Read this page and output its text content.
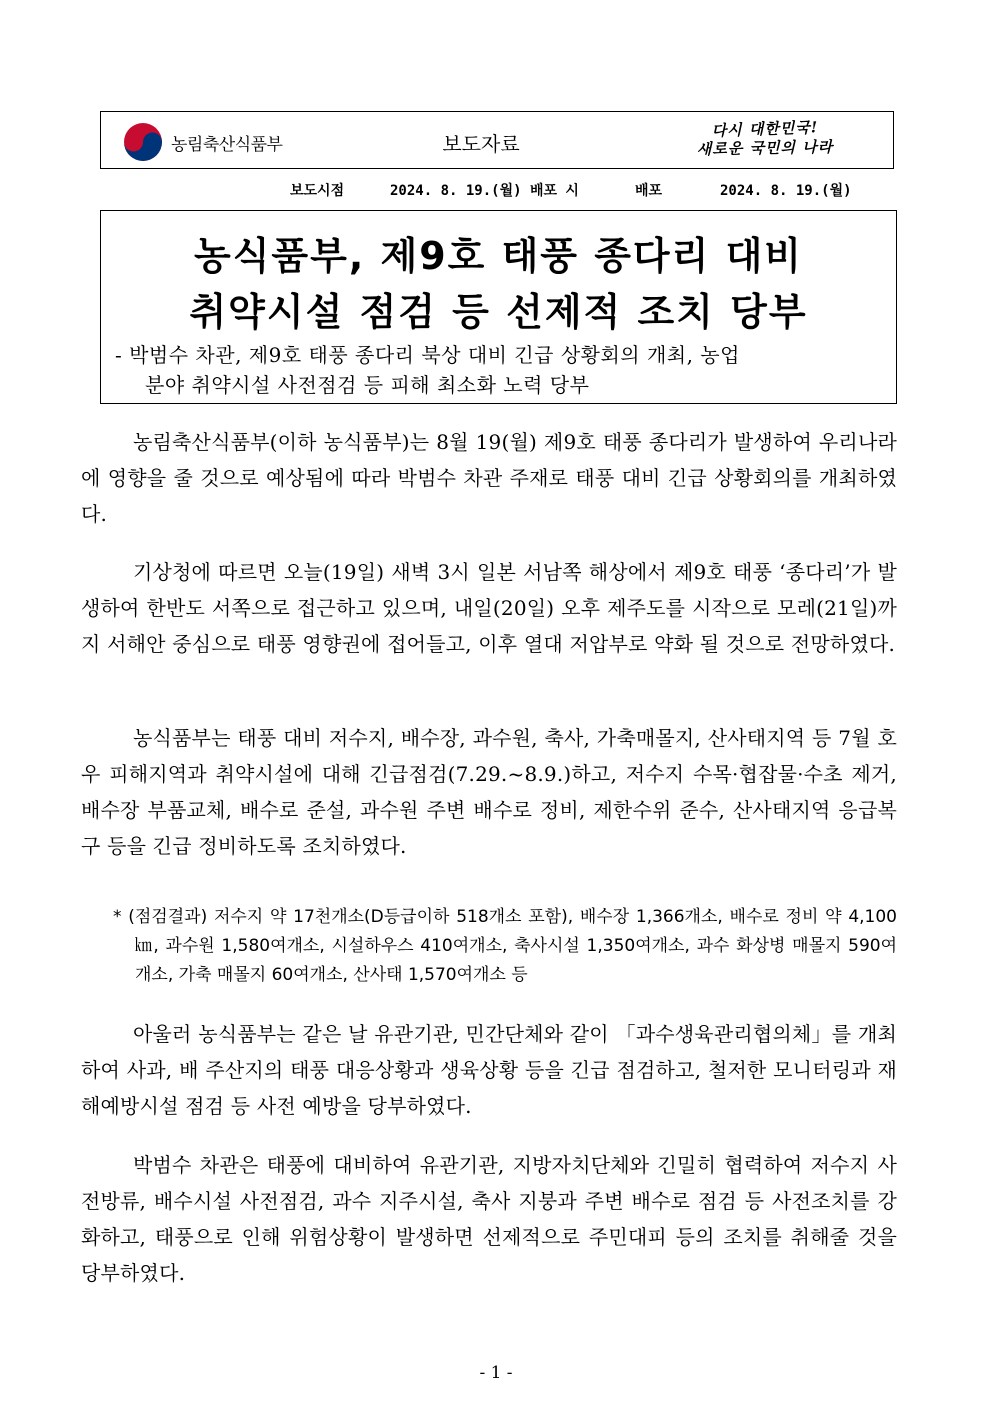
농림축산식품부	보도자료
다시 대한민국!
새로운 국민의 나라
보도시점	2024. 8. 19.(월) 배포 시	배포	2024. 8. 19.(월)
농식품부, 제9호 태풍 종다리 대비
취약시설 점검 등 선제적 조치 당부
- 박범수 차관, 제9호 태풍 종다리 북상 대비 긴급 상황회의 개최, 농업
분야 취약시설 사전점검 등 피해 최소화 노력 당부
농림축산식품부(이하 농식품부)는 8월 19(월) 제9호 태풍 종다리가 발생하여 우리나라에 영향을 줄 것으로 예상됨에 따라 박범수 차관 주재로 태풍 대비 긴급 상황회의를 개최하였다.
기상청에 따르면 오늘(19일) 새벽 3시 일본 서남쪽 해상에서 제9호 태풍 ‘종다리’가 발생하여 한반도 서쪽으로 접근하고 있으며, 내일(20일) 오후 제주도를 시작으로 모레(21일)까지 서해안 중심으로 태풍 영향권에 접어들고, 이후 열대 저압부로 약화 될 것으로 전망하였다.
농식품부는 태풍 대비 저수지, 배수장, 과수원, 축사, 가축매몰지, 산사태지역 등 7월 호우 피해지역과 취약시설에 대해 긴급점검(7.29.~8.9.)하고, 저수지 수목·협잡물·수초 제거, 배수장 부품교체, 배수로 준설, 과수원 주변 배수로 정비, 제한수위 준수, 산사태지역 응급복구 등을 긴급 정비하도록 조치하였다.
* (점검결과) 저수지 약 17천개소(D등급이하 518개소 포함), 배수장 1,366개소, 배수로 정비 약 4,100㎞, 과수원 1,580여개소, 시설하우스 410여개소, 축사시설 1,350여개소, 과수 화상병 매몰지 590여개소, 가축 매몰지 60여개소, 산사태 1,570여개소 등
아울러 농식품부는 같은 날 유관기관, 민간단체와 같이 「과수생육관리협의체」를 개최하여 사과, 배 주산지의 태풍 대응상황과 생육상황 등을 긴급 점검하고, 철저한 모니터링과 재해예방시설 점검 등 사전 예방을 당부하였다.
박범수 차관은 태풍에 대비하여 유관기관, 지방자치단체와 긴밀히 협력하여 저수지 사전방류, 배수시설 사전점검, 과수 지주시설, 축사 지붕과 주변 배수로 점검 등 사전조치를 강화하고, 태풍으로 인해 위험상황이 발생하면 선제적으로 주민대피 등의 조치를 취해줄 것을 당부하였다.
- 1 -
